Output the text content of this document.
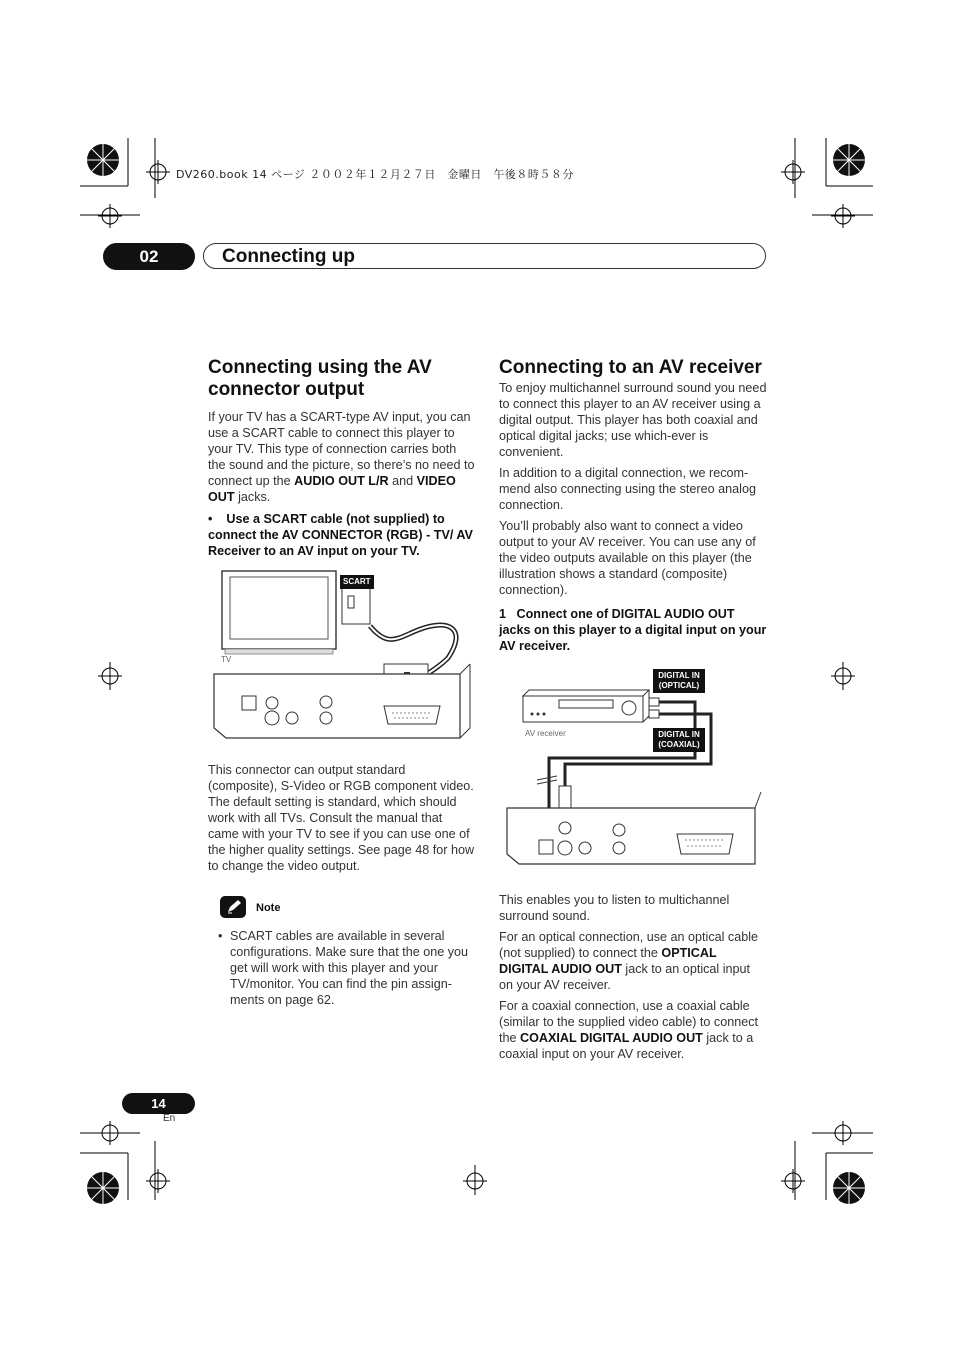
DV260.book 14 ページ ２００２年１２月２７日　金曜日　午後８時５８分
02	Connecting up
Connecting using the AV
connector output

If your TV has a SCART-type AV input, you can use a SCART cable to connect this player to your TV. This type of connection carries both the sound and the picture, so there’s no need to connect up the AUDIO OUT L/R and VIDEO OUT jacks.

• Use a SCART cable (not supplied) to connect the AV CONNECTOR (RGB) - TV/ AV Receiver to an AV input on your TV.
SCART
TV

This connector can output standard (composite), S-Video or RGB component video. The default setting is standard, which should work with all TVs. Consult the manual that came with your TV to see if you can use one of the higher quality settings. See page 48 for how to change the video output.

Note
• SCART cables are available in several configurations. Make sure that the one you get will work with this player and your TV/monitor. You can find the pin assign-ments on page 62.

Connecting to an AV receiver

To enjoy multichannel surround sound you need to connect this player to an AV receiver using a digital output. This player has both coaxial and optical digital jacks; use which-ever is convenient.

In addition to a digital connection, we recom-mend also connecting using the stereo analog connection.

You’ll probably also want to connect a video output to your AV receiver. You can use any of the video outputs available on this player (the illustration shows a standard (composite) connection).

1 Connect one of DIGITAL AUDIO OUT jacks on this player to a digital input on your AV receiver.
DIGITAL IN
(OPTICAL)
DIGITAL IN
(COAXIAL)
AV receiver

This enables you to listen to multichannel surround sound.

For an optical connection, use an optical cable (not supplied) to connect the OPTICAL DIGITAL AUDIO OUT jack to an optical input on your AV receiver.

For a coaxial connection, use a coaxial cable (similar to the supplied video cable) to connect the COAXIAL DIGITAL AUDIO OUT jack to a coaxial input on your AV receiver.

14
En
